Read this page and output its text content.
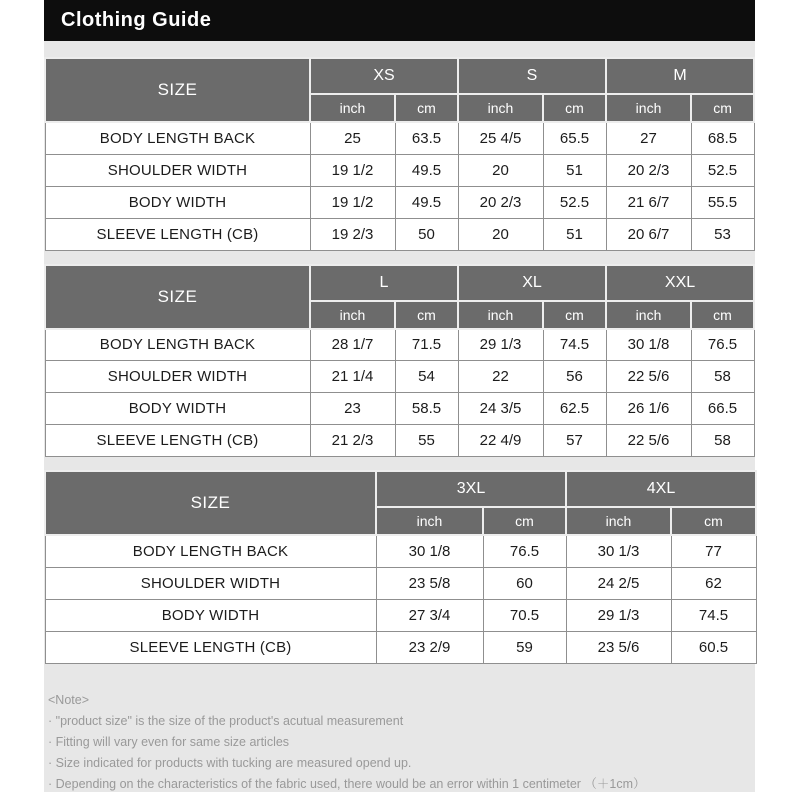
Clothing Guide
SIZE	XS		S		M	
	inch	cm	inch	cm	inch	cm
BODY LENGTH BACK	25	63.5	25 4/5	65.5	27	68.5
SHOULDER WIDTH	19 1/2	49.5	20	51	20 2/3	52.5
BODY WIDTH	19 1/2	49.5	20 2/3	52.5	21 6/7	55.5
SLEEVE LENGTH (CB)	19 2/3	50	20	51	20 6/7	53
SIZE	L		XL		XXL	
	inch	cm	inch	cm	inch	cm
BODY LENGTH BACK	28 1/7	71.5	29 1/3	74.5	30 1/8	76.5
SHOULDER WIDTH	21 1/4	54	22	56	22 5/6	58
BODY WIDTH	23	58.5	24 3/5	62.5	26 1/6	66.5
SLEEVE LENGTH (CB)	21 2/3	55	22 4/9	57	22 5/6	58
SIZE	3XL		4XL	
	inch	cm	inch	cm
BODY LENGTH BACK	30 1/8	76.5	30 1/3	77
SHOULDER WIDTH	23 5/8	60	24 2/5	62
BODY WIDTH	27 3/4	70.5	29 1/3	74.5
SLEEVE LENGTH (CB)	23 2/9	59	23 5/6	60.5
<Note>
· "product size" is the size of the product's acutual measurement
· Fitting will vary even for same size articles
· Size indicated for products with tucking are measured opend up.
· Depending on the characteristics of the fabric used, there would be an error within 1 centimeter （＋1cm）
